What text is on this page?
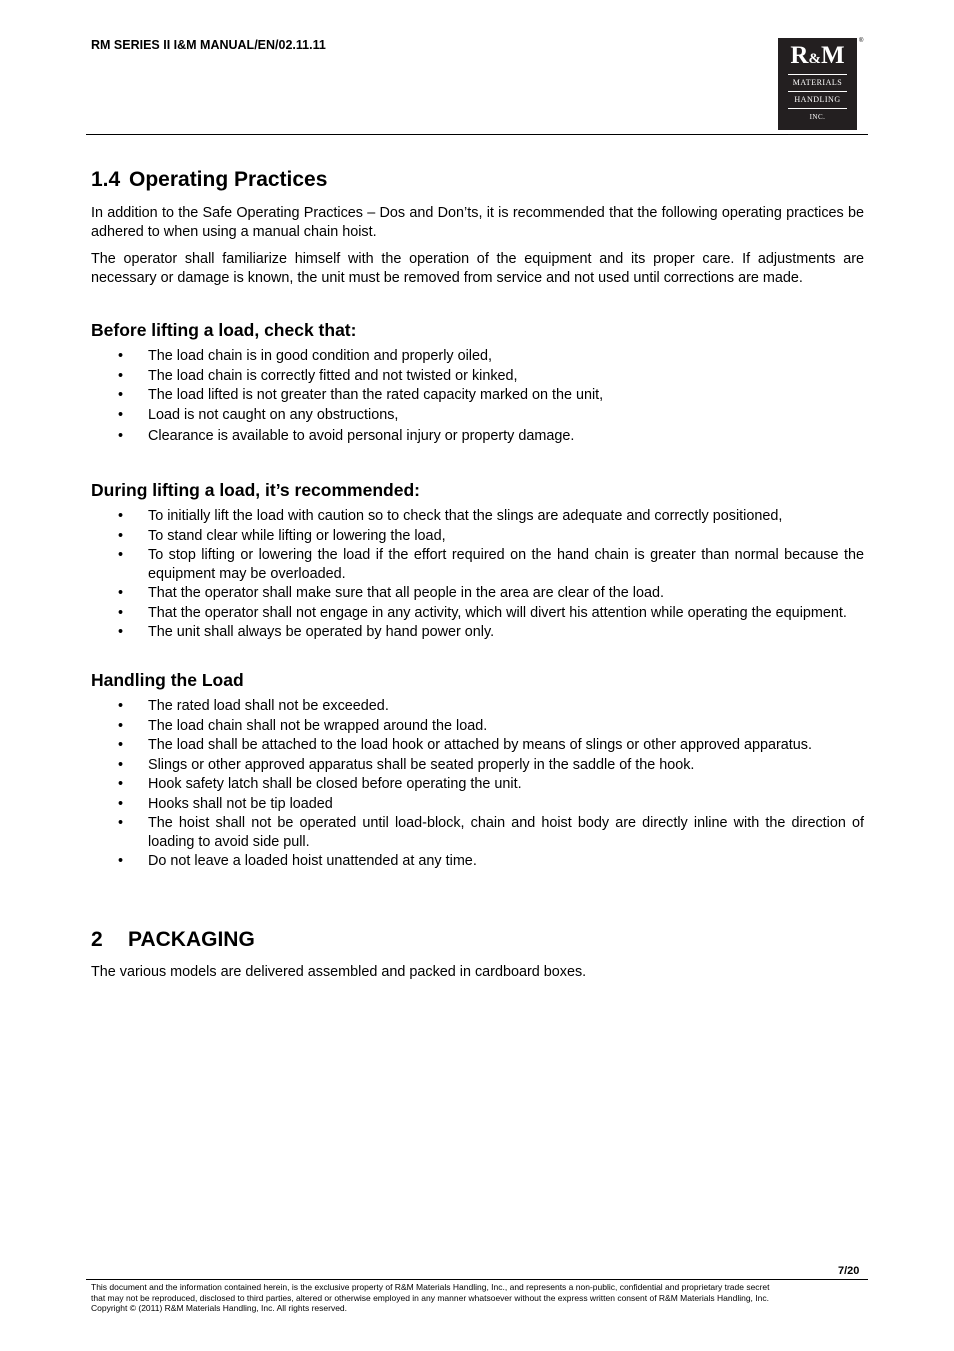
RM SERIES II I&M MANUAL/EN/02.11.11	R&M
MATERIALS
HANDLING
INC.
®
1.4 Operating Practices
In addition to the Safe Operating Practices – Dos and Don’ts, it is recommended that the following operating practices be adhered to when using a manual chain hoist.
The operator shall familiarize himself with the operation of the equipment and its proper care. If adjustments are necessary or damage is known, the unit must be removed from service and not used until corrections are made.
Before lifting a load, check that:
• The load chain is in good condition and properly oiled,
• The load chain is correctly fitted and not twisted or kinked,
• The load lifted is not greater than the rated capacity marked on the unit,
• Load is not caught on any obstructions,
• Clearance is available to avoid personal injury or property damage.
During lifting a load, it’s recommended:
• To initially lift the load with caution so to check that the slings are adequate and correctly positioned,
• To stand clear while lifting or lowering the load,
• To stop lifting or lowering the load if the effort required on the hand chain is greater than normal because the equipment may be overloaded.
• That the operator shall make sure that all people in the area are clear of the load.
• That the operator shall not engage in any activity, which will divert his attention while operating the equipment.
• The unit shall always be operated by hand power only.
Handling the Load
• The rated load shall not be exceeded.
• The load chain shall not be wrapped around the load.
• The load shall be attached to the load hook or attached by means of slings or other approved apparatus.
• Slings or other approved apparatus shall be seated properly in the saddle of the hook.
• Hook safety latch shall be closed before operating the unit.
• Hooks shall not be tip loaded
• The hoist shall not be operated until load-block, chain and hoist body are directly inline with the direction of loading to avoid side pull.
• Do not leave a loaded hoist unattended at any time.
2 PACKAGING
The various models are delivered assembled and packed in cardboard boxes.
7/20

This document and the information contained herein, is the exclusive property of R&M Materials Handling, Inc., and represents a non-public, confidential and proprietary trade secret

that may not be reproduced, disclosed to third parties, altered or otherwise employed in any manner whatsoever without the express written consent of R&M Materials Handling, Inc.

Copyright © (2011) R&M Materials Handling, Inc. All rights reserved.
